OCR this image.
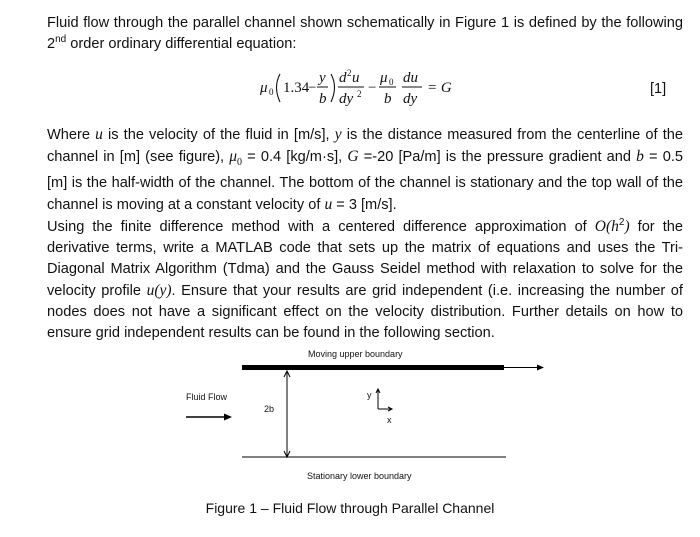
Fluid flow through the parallel channel shown schematically in Figure 1 is defined by the following 2nd order ordinary differential equation:
μ 0 1.34
−
y
b
d 2 u
dy 2 −
μ 0
b
du
dy
= G	[1]
Where u is the velocity of the fluid in [m/s], y is the distance measured from the centerline of the channel in [m] (see figure), $\mu_0 = 0.4$ [kg/m·s], G =-20 [Pa/m] is the pressure gradient and b = 0.5 [m] is the half-width of the channel. The bottom of the channel is stationary and the top wall of the channel is moving at a constant velocity of u = 3 [m/s].
Using the finite difference method with a centered difference approximation of $O(h^2)$ for the derivative terms, write a MATLAB code that sets up the matrix of equations and uses the Tri-Diagonal Matrix Algorithm (Tdma) and the Gauss Seidel method with relaxation to solve for the velocity profile u(y). Ensure that your results are grid independent (i.e. increasing the number of nodes does not have a significant effect on the velocity distribution. Further details on how to ensure grid independent results can be found in the following section.
Moving upper boundary
Fluid Flow
2b
y
x
Stationary lower boundary
Figure 1 – Fluid Flow through Parallel Channel
